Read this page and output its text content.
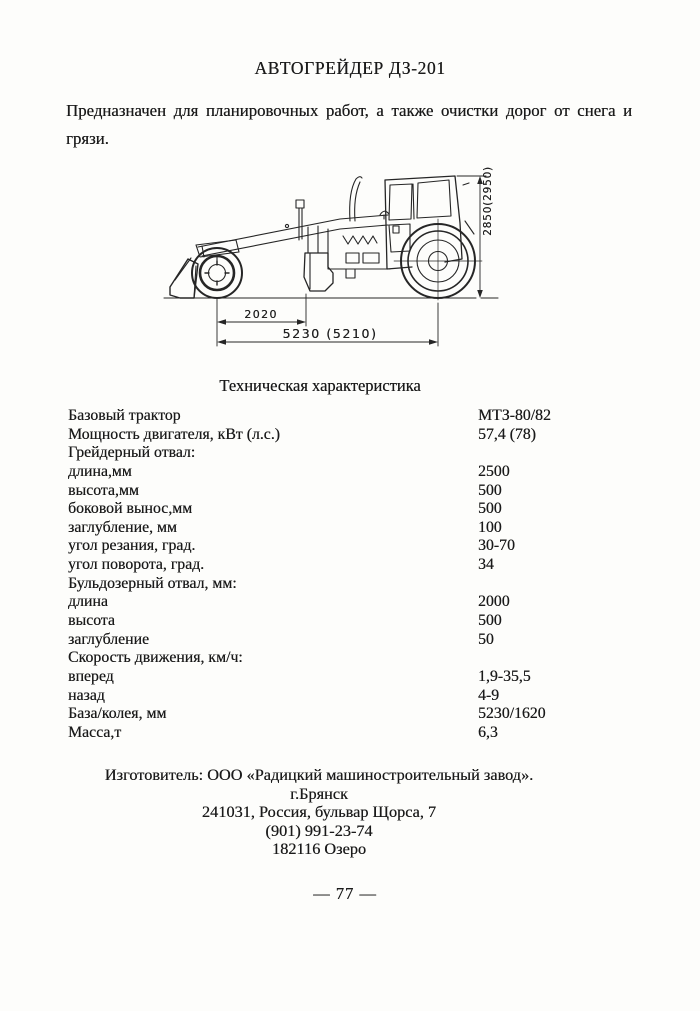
АВТОГРЕЙДЕР ДЗ-201
Предназначен для планировочных работ, а также очистки дорог от снега и грязи.
2850(2950)
2020
5230 (5210)
Техническая характеристика
Базовый трактор	МТЗ-80/82
Мощность двигателя, кВт (л.с.)	57,4 (78)
Грейдерный отвал:
длина,мм	2500
высота,мм	500
боковой вынос,мм	500
заглубление, мм	100
угол резания, град.	30-70
угол поворота, град.	34
Бульдозерный отвал, мм:
длина	2000
высота	500
заглубление	50
Скорость движения, км/ч:
вперед	1,9-35,5
назад	4-9
База/колея, мм	5230/1620
Масса,т	6,3
Изготовитель: ООО «Радицкий машиностроительный завод».
г.Брянск
241031, Россия, бульвар Щорса, 7
(901) 991-23-74
182116 Озеро
— 77 —
